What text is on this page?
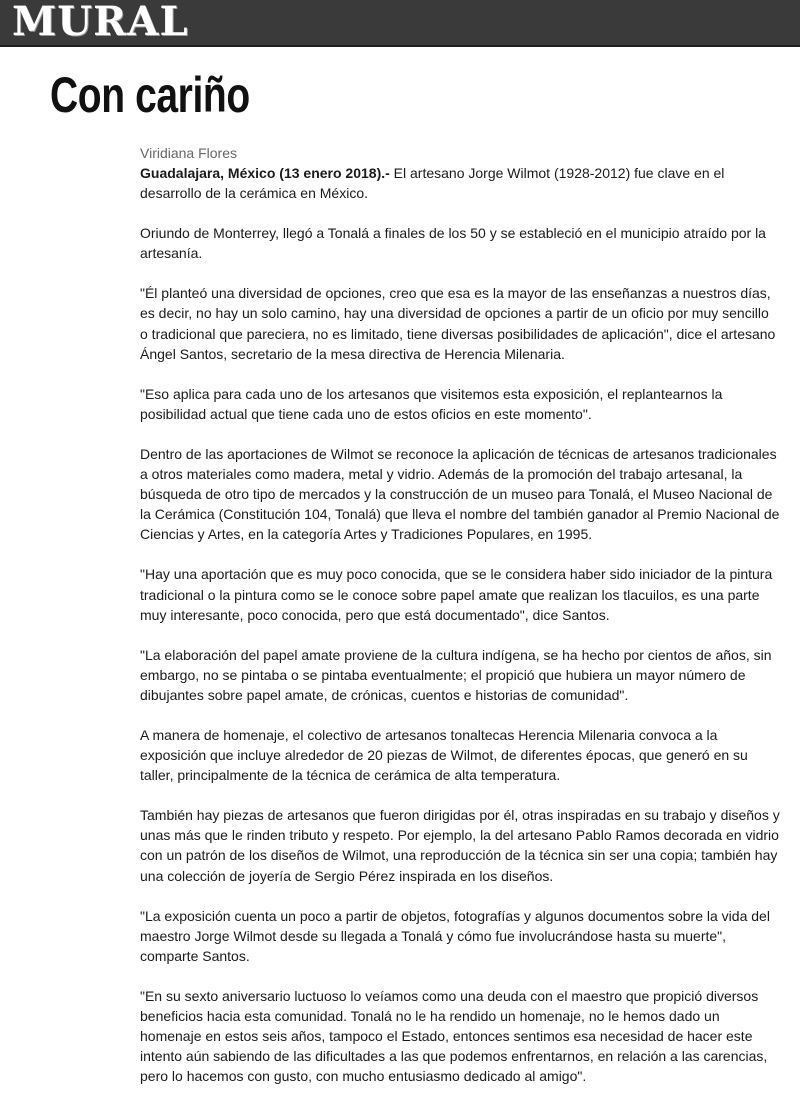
MURAL
Con cariño
Viridiana Flores

Guadalajara, México (13 enero 2018).- El artesano Jorge Wilmot (1928-2012) fue clave en el desarrollo de la cerámica en México.

Oriundo de Monterrey, llegó a Tonalá a finales de los 50 y se estableció en el municipio atraído por la artesanía.

"Él planteó una diversidad de opciones, creo que esa es la mayor de las enseñanzas a nuestros días, es decir, no hay un solo camino, hay una diversidad de opciones a partir de un oficio por muy sencillo o tradicional que pareciera, no es limitado, tiene diversas posibilidades de aplicación", dice el artesano Ángel Santos, secretario de la mesa directiva de Herencia Milenaria.

"Eso aplica para cada uno de los artesanos que visitemos esta exposición, el replantearnos la posibilidad actual que tiene cada uno de estos oficios en este momento".

Dentro de las aportaciones de Wilmot se reconoce la aplicación de técnicas de artesanos tradicionales a otros materiales como madera, metal y vidrio. Además de la promoción del trabajo artesanal, la búsqueda de otro tipo de mercados y la construcción de un museo para Tonalá, el Museo Nacional de la Cerámica (Constitución 104, Tonalá) que lleva el nombre del también ganador al Premio Nacional de Ciencias y Artes, en la categoría Artes y Tradiciones Populares, en 1995.

"Hay una aportación que es muy poco conocida, que se le considera haber sido iniciador de la pintura tradicional o la pintura como se le conoce sobre papel amate que realizan los tlacuilos, es una parte muy interesante, poco conocida, pero que está documentado", dice Santos.

"La elaboración del papel amate proviene de la cultura indígena, se ha hecho por cientos de años, sin embargo, no se pintaba o se pintaba eventualmente; el propició que hubiera un mayor número de dibujantes sobre papel amate, de crónicas, cuentos e historias de comunidad".

A manera de homenaje, el colectivo de artesanos tonaltecas Herencia Milenaria convoca a la exposición que incluye alrededor de 20 piezas de Wilmot, de diferentes épocas, que generó en su taller, principalmente de la técnica de cerámica de alta temperatura.

También hay piezas de artesanos que fueron dirigidas por él, otras inspiradas en su trabajo y diseños y unas más que le rinden tributo y respeto. Por ejemplo, la del artesano Pablo Ramos decorada en vidrio con un patrón de los diseños de Wilmot, una reproducción de la técnica sin ser una copia; también hay una colección de joyería de Sergio Pérez inspirada en los diseños.

"La exposición cuenta un poco a partir de objetos, fotografías y algunos documentos sobre la vida del maestro Jorge Wilmot desde su llegada a Tonalá y cómo fue involucrándose hasta su muerte", comparte Santos.

"En su sexto aniversario luctuoso lo veíamos como una deuda con el maestro que propició diversos beneficios hacia esta comunidad. Tonalá no le ha rendido un homenaje, no le hemos dado un homenaje en estos seis años, tampoco el Estado, entonces sentimos esa necesidad de hacer este intento aún sabiendo de las dificultades a las que podemos enfrentarnos, en relación a las carencias, pero lo hacemos con gusto, con mucho entusiasmo dedicado al amigo".
